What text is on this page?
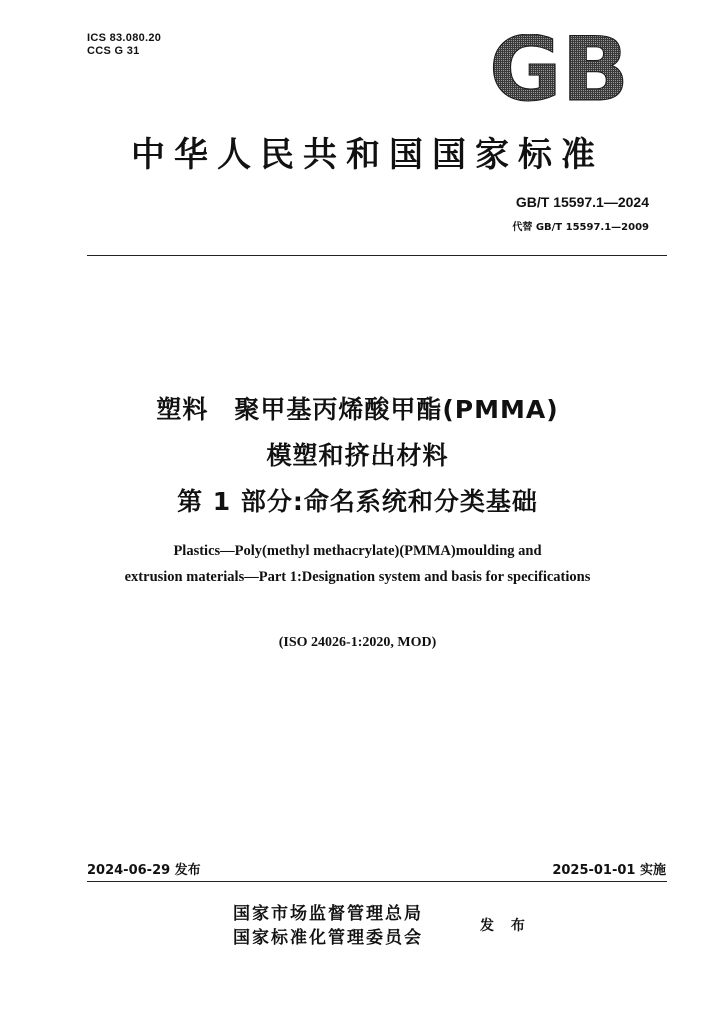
ICS 83.080.20
CCS G 31	GB
中华人民共和国国家标准
GB/T 15597.1—2024
代替 GB/T 15597.1—2009
塑料　聚甲基丙烯酸甲酯(PMMA)
模塑和挤出材料
第 1 部分:命名系统和分类基础
Plastics—Poly(methyl methacrylate)(PMMA)moulding and
extrusion materials—Part 1:Designation system and basis for specifications
(ISO 24026-1:2020, MOD)
2024-06-29 发布	2025-01-01 实施
国家市场监督管理总局
国家标准化管理委员会
发 布
